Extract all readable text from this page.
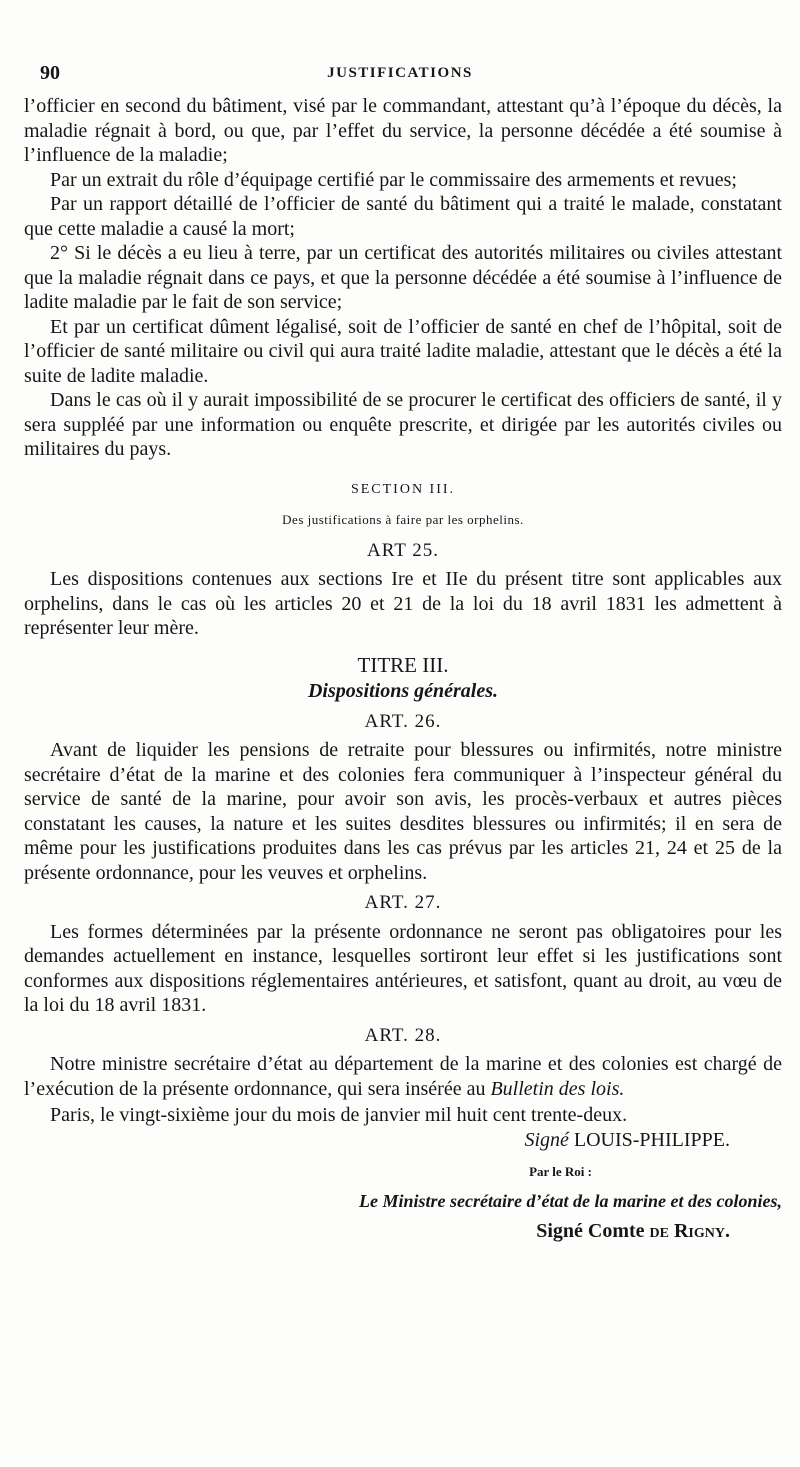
90	JUSTIFICATIONS

l’officier en second du bâtiment, visé par le commandant, attestant qu’à l’époque du décès, la maladie régnait à bord, ou que, par l’effet du service, la personne décédée a été soumise à l’influence de la maladie;

Par un extrait du rôle d’équipage certifié par le commissaire des armements et revues;

Par un rapport détaillé de l’officier de santé du bâtiment qui a traité le malade, constatant que cette maladie a causé la mort;

2° Si le décès a eu lieu à terre, par un certificat des autorités militaires ou civiles attestant que la maladie régnait dans ce pays, et que la personne décédée a été soumise à l’influence de ladite maladie par le fait de son service;

Et par un certificat dûment légalisé, soit de l’officier de santé en chef de l’hôpital, soit de l’officier de santé militaire ou civil qui aura traité ladite maladie, attestant que le décès a été la suite de ladite maladie.

Dans le cas où il y aurait impossibilité de se procurer le certificat des officiers de santé, il y sera suppléé par une information ou enquête prescrite, et dirigée par les autorités civiles ou militaires du pays.

SECTION III.
Des justifications à faire par les orphelins.
ART 25.

Les dispositions contenues aux sections Ire et IIe du présent titre sont applicables aux orphelins, dans le cas où les articles 20 et 21 de la loi du 18 avril 1831 les admettent à représenter leur mère.

TITRE III.
Dispositions générales.
ART. 26.

Avant de liquider les pensions de retraite pour blessures ou infirmités, notre ministre secrétaire d’état de la marine et des colonies fera communiquer à l’inspecteur général du service de santé de la marine, pour avoir son avis, les procès-verbaux et autres pièces constatant les causes, la nature et les suites desdites blessures ou infirmités; il en sera de même pour les justifications produites dans les cas prévus par les articles 21, 24 et 25 de la présente ordonnance, pour les veuves et orphelins.

ART. 27.

Les formes déterminées par la présente ordonnance ne seront pas obligatoires pour les demandes actuellement en instance, lesquelles sortiront leur effet si les justifications sont conformes aux dispositions réglementaires antérieures, et satisfont, quant au droit, au vœu de la loi du 18 avril 1831.

ART. 28.

Notre ministre secrétaire d’état au département de la marine et des colonies est chargé de l’exécution de la présente ordonnance, qui sera insérée au Bulletin des lois.

Paris, le vingt-sixième jour du mois de janvier mil huit cent trente-deux.

Signé LOUIS-PHILIPPE.
Par le Roi :
Le Ministre secrétaire d’état de la marine et des colonies,
Signé Comte de Rigny.
